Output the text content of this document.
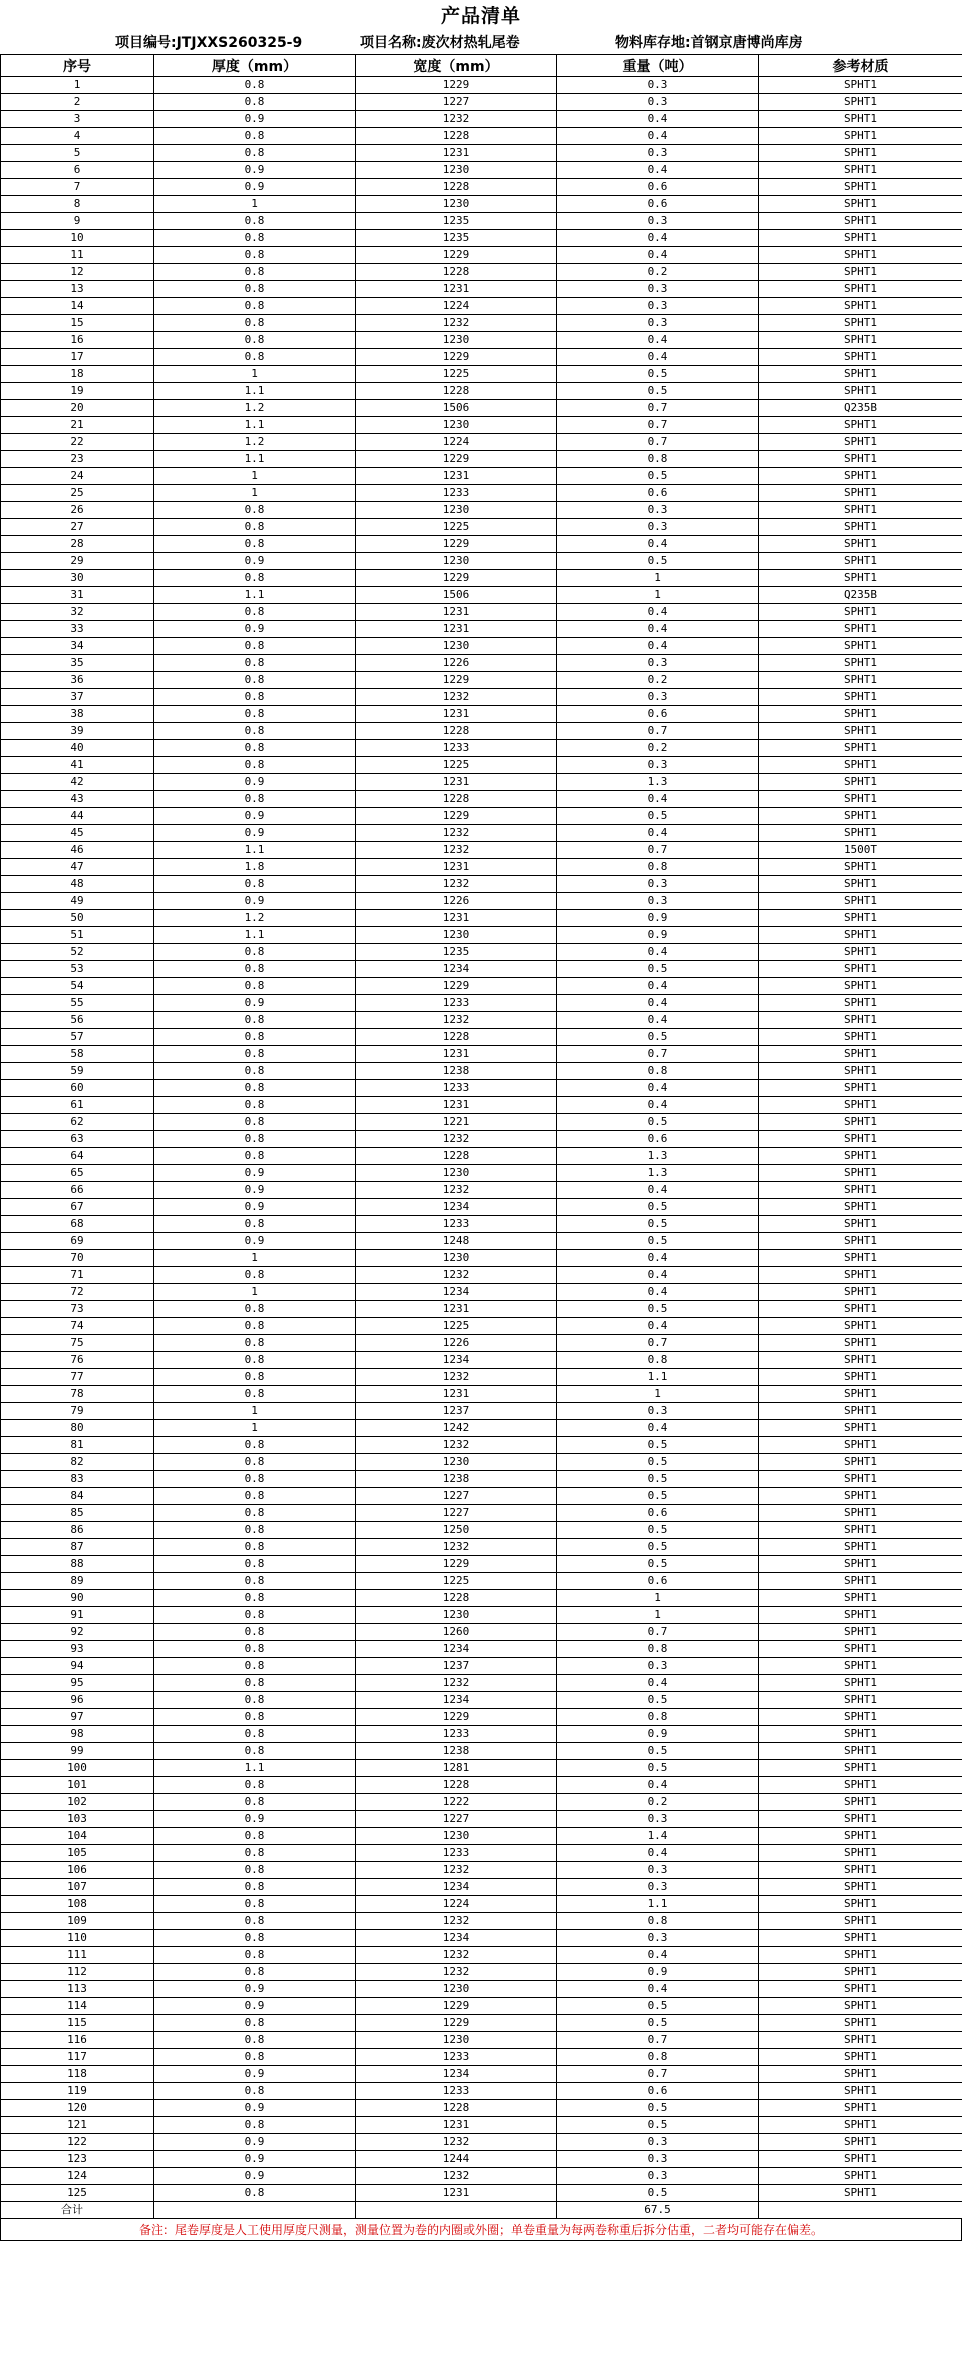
产品清单
项目编号:JTJXXS260325-9	项目名称:废次材热轧尾卷	物料库存地:首钢京唐博尚库房
序号	厚度（mm）	宽度（mm）	重量（吨）	参考材质
1	0.8	1229	0.3	SPHT1
2	0.8	1227	0.3	SPHT1
3	0.9	1232	0.4	SPHT1
4	0.8	1228	0.4	SPHT1
5	0.8	1231	0.3	SPHT1
6	0.9	1230	0.4	SPHT1
7	0.9	1228	0.6	SPHT1
8	1	1230	0.6	SPHT1
9	0.8	1235	0.3	SPHT1
10	0.8	1235	0.4	SPHT1
11	0.8	1229	0.4	SPHT1
12	0.8	1228	0.2	SPHT1
13	0.8	1231	0.3	SPHT1
14	0.8	1224	0.3	SPHT1
15	0.8	1232	0.3	SPHT1
16	0.8	1230	0.4	SPHT1
17	0.8	1229	0.4	SPHT1
18	1	1225	0.5	SPHT1
19	1.1	1228	0.5	SPHT1
20	1.2	1506	0.7	Q235B
21	1.1	1230	0.7	SPHT1
22	1.2	1224	0.7	SPHT1
23	1.1	1229	0.8	SPHT1
24	1	1231	0.5	SPHT1
25	1	1233	0.6	SPHT1
26	0.8	1230	0.3	SPHT1
27	0.8	1225	0.3	SPHT1
28	0.8	1229	0.4	SPHT1
29	0.9	1230	0.5	SPHT1
30	0.8	1229	1	SPHT1
31	1.1	1506	1	Q235B
32	0.8	1231	0.4	SPHT1
33	0.9	1231	0.4	SPHT1
34	0.8	1230	0.4	SPHT1
35	0.8	1226	0.3	SPHT1
36	0.8	1229	0.2	SPHT1
37	0.8	1232	0.3	SPHT1
38	0.8	1231	0.6	SPHT1
39	0.8	1228	0.7	SPHT1
40	0.8	1233	0.2	SPHT1
41	0.8	1225	0.3	SPHT1
42	0.9	1231	1.3	SPHT1
43	0.8	1228	0.4	SPHT1
44	0.9	1229	0.5	SPHT1
45	0.9	1232	0.4	SPHT1
46	1.1	1232	0.7	1500T
47	1.8	1231	0.8	SPHT1
48	0.8	1232	0.3	SPHT1
49	0.9	1226	0.3	SPHT1
50	1.2	1231	0.9	SPHT1
51	1.1	1230	0.9	SPHT1
52	0.8	1235	0.4	SPHT1
53	0.8	1234	0.5	SPHT1
54	0.8	1229	0.4	SPHT1
55	0.9	1233	0.4	SPHT1
56	0.8	1232	0.4	SPHT1
57	0.8	1228	0.5	SPHT1
58	0.8	1231	0.7	SPHT1
59	0.8	1238	0.8	SPHT1
60	0.8	1233	0.4	SPHT1
61	0.8	1231	0.4	SPHT1
62	0.8	1221	0.5	SPHT1
63	0.8	1232	0.6	SPHT1
64	0.8	1228	1.3	SPHT1
65	0.9	1230	1.3	SPHT1
66	0.9	1232	0.4	SPHT1
67	0.9	1234	0.5	SPHT1
68	0.8	1233	0.5	SPHT1
69	0.9	1248	0.5	SPHT1
70	1	1230	0.4	SPHT1
71	0.8	1232	0.4	SPHT1
72	1	1234	0.4	SPHT1
73	0.8	1231	0.5	SPHT1
74	0.8	1225	0.4	SPHT1
75	0.8	1226	0.7	SPHT1
76	0.8	1234	0.8	SPHT1
77	0.8	1232	1.1	SPHT1
78	0.8	1231	1	SPHT1
79	1	1237	0.3	SPHT1
80	1	1242	0.4	SPHT1
81	0.8	1232	0.5	SPHT1
82	0.8	1230	0.5	SPHT1
83	0.8	1238	0.5	SPHT1
84	0.8	1227	0.5	SPHT1
85	0.8	1227	0.6	SPHT1
86	0.8	1250	0.5	SPHT1
87	0.8	1232	0.5	SPHT1
88	0.8	1229	0.5	SPHT1
89	0.8	1225	0.6	SPHT1
90	0.8	1228	1	SPHT1
91	0.8	1230	1	SPHT1
92	0.8	1260	0.7	SPHT1
93	0.8	1234	0.8	SPHT1
94	0.8	1237	0.3	SPHT1
95	0.8	1232	0.4	SPHT1
96	0.8	1234	0.5	SPHT1
97	0.8	1229	0.8	SPHT1
98	0.8	1233	0.9	SPHT1
99	0.8	1238	0.5	SPHT1
100	1.1	1281	0.5	SPHT1
101	0.8	1228	0.4	SPHT1
102	0.8	1222	0.2	SPHT1
103	0.9	1227	0.3	SPHT1
104	0.8	1230	1.4	SPHT1
105	0.8	1233	0.4	SPHT1
106	0.8	1232	0.3	SPHT1
107	0.8	1234	0.3	SPHT1
108	0.8	1224	1.1	SPHT1
109	0.8	1232	0.8	SPHT1
110	0.8	1234	0.3	SPHT1
111	0.8	1232	0.4	SPHT1
112	0.8	1232	0.9	SPHT1
113	0.9	1230	0.4	SPHT1
114	0.9	1229	0.5	SPHT1
115	0.8	1229	0.5	SPHT1
116	0.8	1230	0.7	SPHT1
117	0.8	1233	0.8	SPHT1
118	0.9	1234	0.7	SPHT1
119	0.8	1233	0.6	SPHT1
120	0.9	1228	0.5	SPHT1
121	0.8	1231	0.5	SPHT1
122	0.9	1232	0.3	SPHT1
123	0.9	1244	0.3	SPHT1
124	0.9	1232	0.3	SPHT1
125	0.8	1231	0.5	SPHT1
合计			67.5	
备注：尾卷厚度是人工使用厚度尺测量，测量位置为卷的内圈或外圈；单卷重量为每两卷称重后拆分估重，二者均可能存在偏差。
